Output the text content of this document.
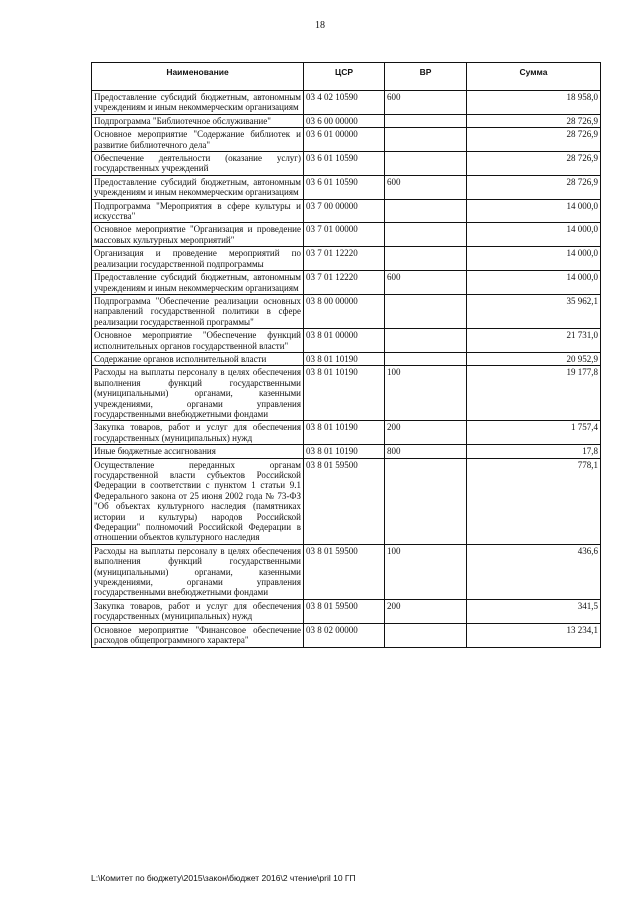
18
Наименование	ЦСР	ВР	Сумма
Предоставление субсидий бюджетным, автономным учреждениям и иным некоммерческим организациям	03 4 02 10590	600	18 958,0
Подпрограмма "Библиотечное обслуживание"	03 6 00 00000		28 726,9
Основное мероприятие "Содержание библиотек и развитие библиотечного дела"	03 6 01 00000		28 726,9
Обеспечение деятельности (оказание услуг) государственных учреждений	03 6 01 10590		28 726,9
Предоставление субсидий бюджетным, автономным учреждениям и иным некоммерческим организациям	03 6 01 10590	600	28 726,9
Подпрограмма "Мероприятия в сфере культуры и искусства"	03 7 00 00000		14 000,0
Основное мероприятие "Организация и проведение массовых культурных мероприятий"	03 7 01 00000		14 000,0
Организация и проведение мероприятий по реализации государственной подпрограммы	03 7 01 12220		14 000,0
Предоставление субсидий бюджетным, автономным учреждениям и иным некоммерческим организациям	03 7 01 12220	600	14 000,0
Подпрограмма "Обеспечение реализации основных направлений государственной политики в сфере реализации государственной программы"	03 8 00 00000		35 962,1
Основное мероприятие "Обеспечение функций исполнительных органов государственной власти"	03 8 01 00000		21 731,0
Содержание органов исполнительной власти	03 8 01 10190		20 952,9
Расходы на выплаты персоналу в целях обеспечения выполнения функций государственными (муниципальными) органами, казенными учреждениями, органами управления государственными внебюджетными фондами	03 8 01 10190	100	19 177,8
Закупка товаров, работ и услуг для обеспечения государственных (муниципальных) нужд	03 8 01 10190	200	1 757,4
Иные бюджетные ассигнования	03 8 01 10190	800	17,8
Осуществление переданных органам государственной власти субъектов Российской Федерации в соответствии с пунктом 1 статьи 9.1 Федерального закона от 25 июня 2002 года № 73-ФЗ "Об объектах культурного наследия (памятниках истории и культуры) народов Российской Федерации" полномочий Российской Федерации в отношении объектов культурного наследия	03 8 01 59500		778,1
Расходы на выплаты персоналу в целях обеспечения выполнения функций государственными (муниципальными) органами, казенными учреждениями, органами управления государственными внебюджетными фондами	03 8 01 59500	100	436,6
Закупка товаров, работ и услуг для обеспечения государственных (муниципальных) нужд	03 8 01 59500	200	341,5
Основное мероприятие "Финансовое обеспечение расходов общепрограммного характера"	03 8 02 00000		13 234,1
L:\Комитет по бюджету\2015\закон\бюджет 2016\2 чтение\pril 10 ГП
